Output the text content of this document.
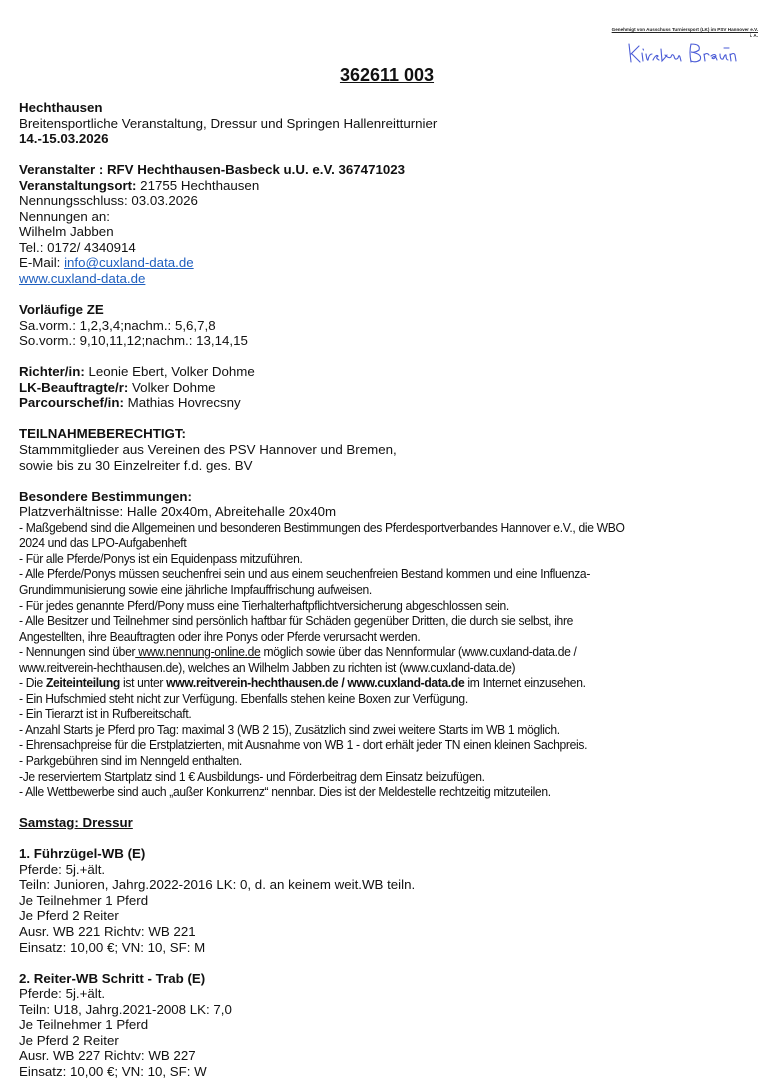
Genehmigt von Ausschuss Turniersport (LK) im PSV Hannover e.V.
i. A.
362611 003
Hechthausen
Breitensportliche Veranstaltung, Dressur und Springen Hallenreitturnier
14.-15.03.2026
Veranstalter : RFV Hechthausen-Basbeck u.U. e.V. 367471023
Veranstaltungsort: 21755 Hechthausen
Nennungsschluss: 03.03.2026
Nennungen an:
Wilhelm Jabben
Tel.: 0172/ 4340914
E-Mail: info@cuxland-data.de
www.cuxland-data.de
Vorläufige ZE
Sa.vorm.: 1,2,3,4;nachm.: 5,6,7,8
So.vorm.: 9,10,11,12;nachm.: 13,14,15
Richter/in: Leonie Ebert, Volker Dohme
LK-Beauftragte/r: Volker Dohme
Parcourschef/in: Mathias Hovrecsny
TEILNAHMEBERECHTIGT:
Stammmitglieder aus Vereinen des PSV Hannover und Bremen,
sowie bis zu 30 Einzelreiter f.d. ges. BV
Besondere Bestimmungen:
Platzverhältnisse: Halle 20x40m, Abreitehalle 20x40m
- Maßgebend sind die Allgemeinen und besonderen Bestimmungen des Pferdesportverbandes Hannover e.V., die WBO
2024 und das LPO-Aufgabenheft
- Für alle Pferde/Ponys ist ein Equidenpass mitzuführen.
- Alle Pferde/Ponys müssen seuchenfrei sein und aus einem seuchenfreien Bestand kommen und eine Influenza-
Grundimmunisierung sowie eine jährliche Impfauffrischung aufweisen.
- Für jedes genannte Pferd/Pony muss eine Tierhalterhaftpflichtversicherung abgeschlossen sein.
- Alle Besitzer und Teilnehmer sind persönlich haftbar für Schäden gegenüber Dritten, die durch sie selbst, ihre
Angestellten, ihre Beauftragten oder ihre Ponys oder Pferde verursacht werden.
- Nennungen sind über www.nennung-online.de möglich sowie über das Nennformular (www.cuxland-data.de /
www.reitverein-hechthausen.de), welches an Wilhelm Jabben zu richten ist (www.cuxland-data.de)
- Die Zeiteinteilung ist unter www.reitverein-hechthausen.de / www.cuxland-data.de im Internet einzusehen.
- Ein Hufschmied steht nicht zur Verfügung. Ebenfalls stehen keine Boxen zur Verfügung.
- Ein Tierarzt ist in Rufbereitschaft.
- Anzahl Starts je Pferd pro Tag: maximal 3 (WB 2 15), Zusätzlich sind zwei weitere Starts im WB 1 möglich.
- Ehrensachpreise für die Erstplatzierten, mit Ausnahme von WB 1 - dort erhält jeder TN einen kleinen Sachpreis.
- Parkgebühren sind im Nenngeld enthalten.
-Je reserviertem Startplatz sind 1 € Ausbildungs- und Förderbeitrag dem Einsatz beizufügen.
- Alle Wettbewerbe sind auch „außer Konkurrenz“ nennbar. Dies ist der Meldestelle rechtzeitig mitzuteilen.
Samstag: Dressur
1. Führzügel-WB (E)
Pferde: 5j.+ält.
Teiln: Junioren, Jahrg.2022-2016 LK: 0, d. an keinem weit.WB teiln.
Je Teilnehmer 1 Pferd
Je Pferd 2 Reiter
Ausr. WB 221 Richtv: WB 221
Einsatz: 10,00 €; VN: 10, SF: M
2. Reiter-WB Schritt - Trab (E)
Pferde: 5j.+ält.
Teiln: U18, Jahrg.2021-2008 LK: 7,0
Je Teilnehmer 1 Pferd
Je Pferd 2 Reiter
Ausr. WB 227 Richtv: WB 227
Einsatz: 10,00 €; VN: 10, SF: W
